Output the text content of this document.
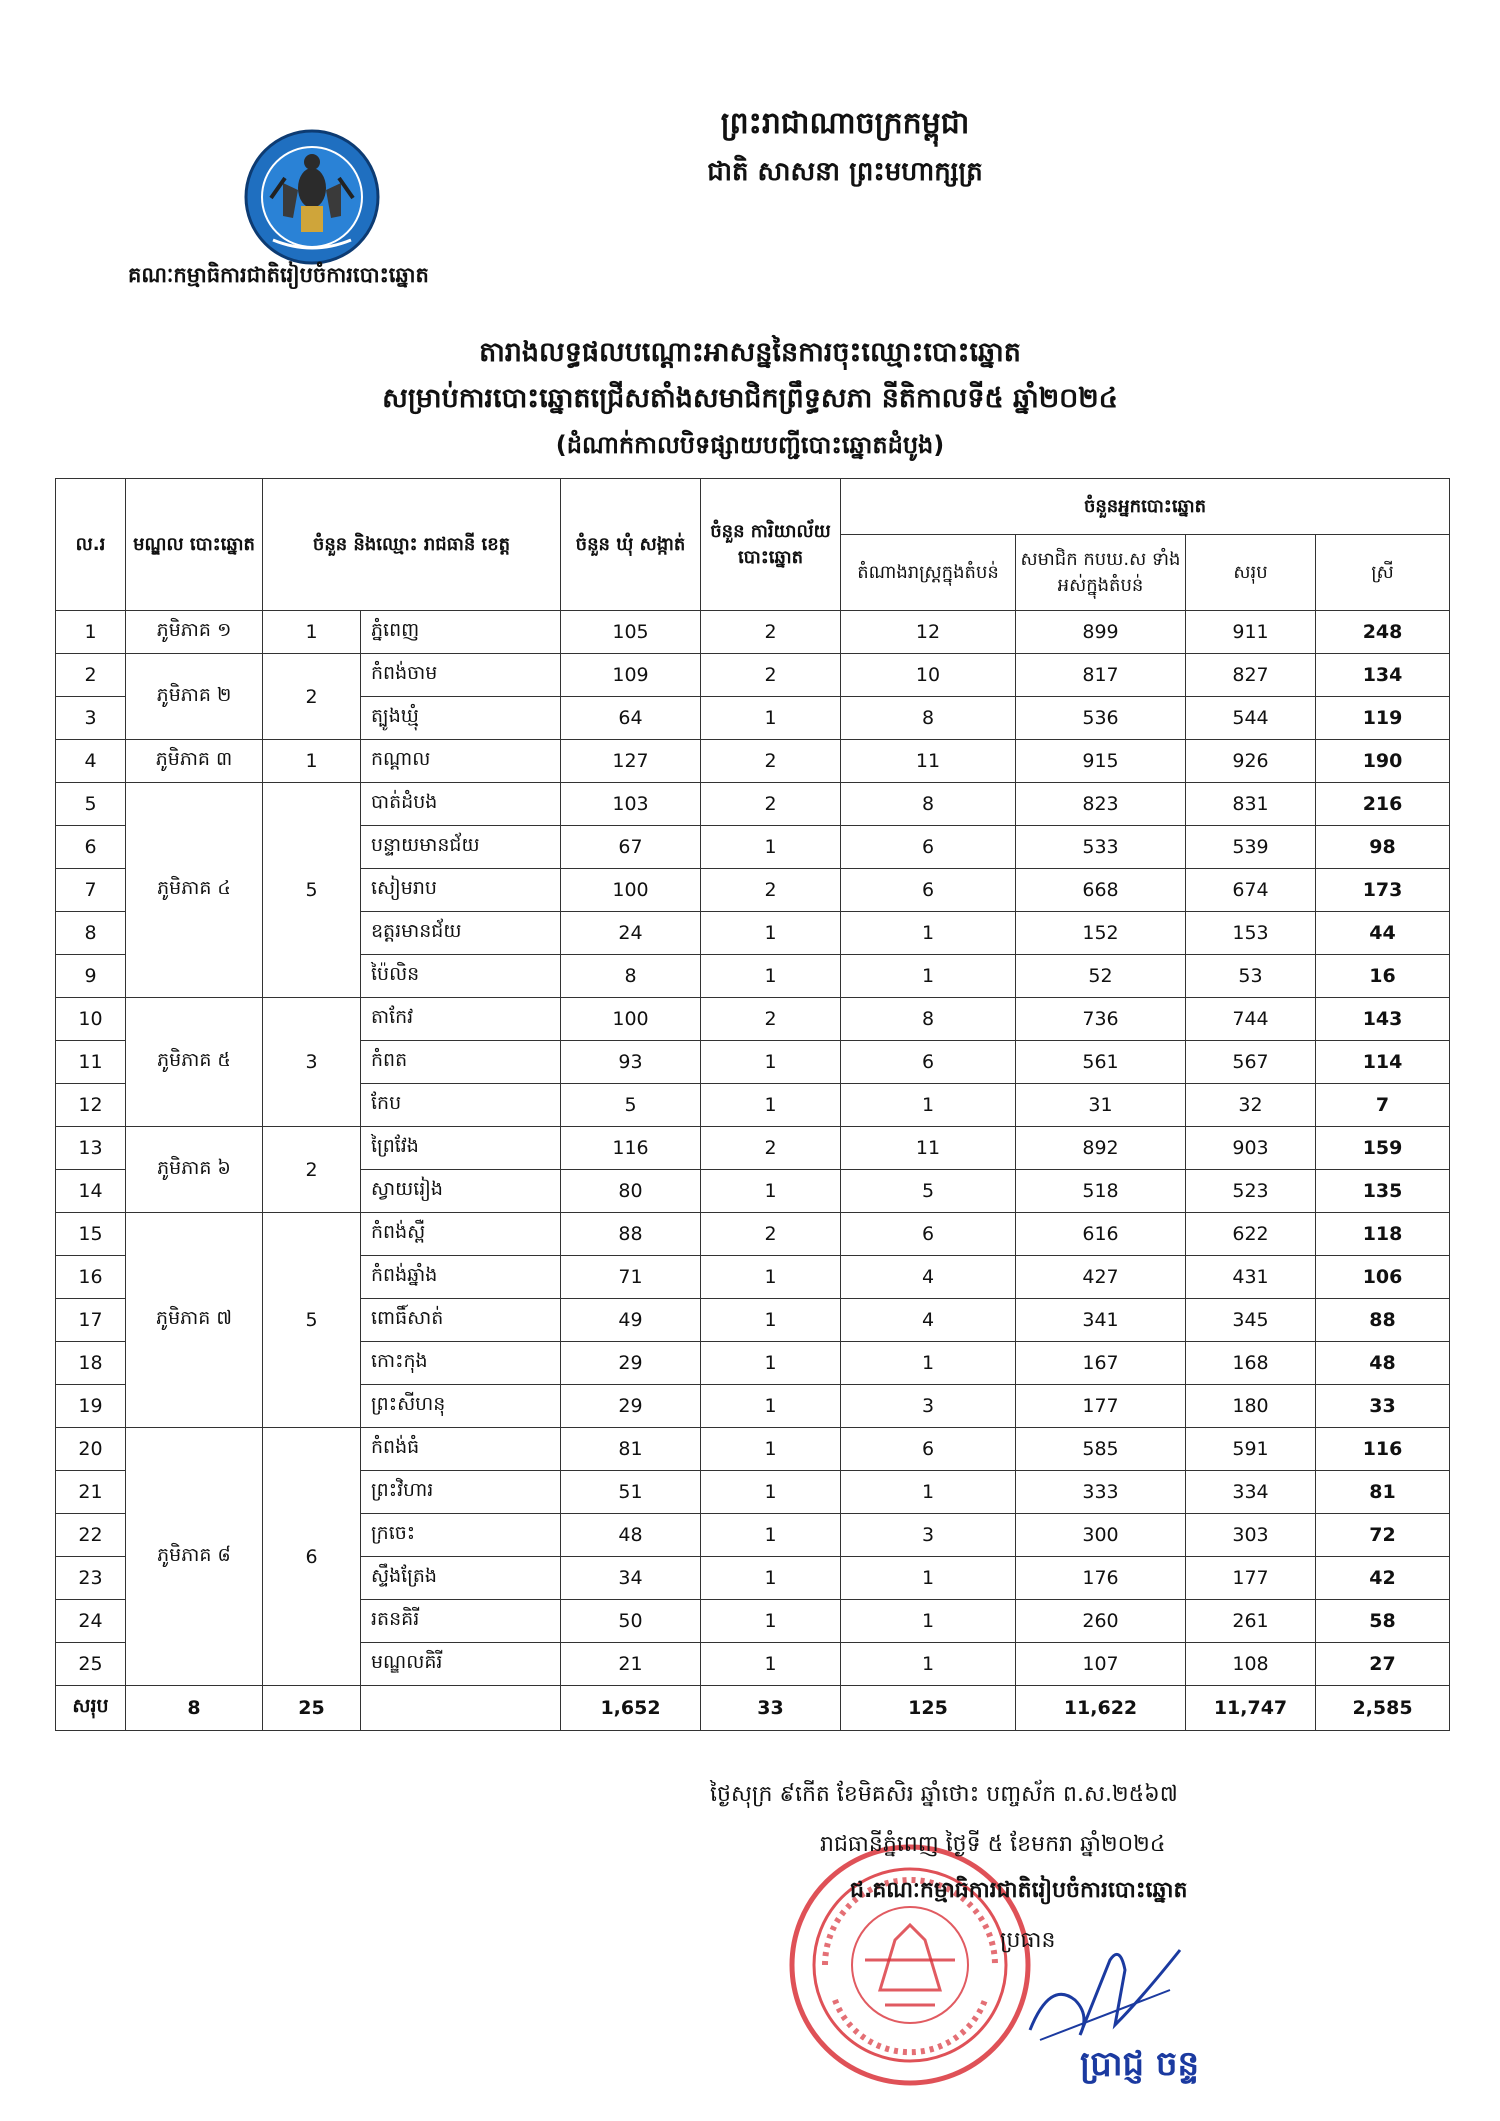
គណៈកម្មាធិការជាតិរៀបចំការបោះឆ្នោត
ព្រះរាជាណាចក្រកម្ពុជា
ជាតិ សាសនា ព្រះមហាក្សត្រ
តារាងលទ្ធផលបណ្តោះអាសន្ននៃការចុះឈ្មោះបោះឆ្នោត
សម្រាប់ការបោះឆ្នោតជ្រើសតាំងសមាជិកព្រឹទ្ធសភា នីតិកាលទី៥ ឆ្នាំ២០២៤
(ដំណាក់កាលបិទផ្សាយបញ្ជីបោះឆ្នោតដំបូង)
ល.រ	មណ្ឌល បោះឆ្នោត	ចំនួន និងឈ្មោះ រាជធានី ខេត្ត		ចំនួន ឃុំ សង្កាត់	ចំនួន ការិយាល័យ បោះឆ្នោត	ចំនួនអ្នកបោះឆ្នោត			
						តំណាងរាស្ត្រក្នុងតំបន់	សមាជិក កបឃ.ស ទាំងអស់ក្នុងតំបន់	សរុប	ស្រី
1	ភូមិភាគ ១	1	ភ្នំពេញ	105	2	12	899	911	248
2	ភូមិភាគ ២	2	កំពង់ចាម	109	2	10	817	827	134
3			ត្បូងឃ្មុំ	64	1	8	536	544	119
4	ភូមិភាគ ៣	1	កណ្តាល	127	2	11	915	926	190
5	ភូមិភាគ ៤	5	បាត់ដំបង	103	2	8	823	831	216
6			បន្ទាយមានជ័យ	67	1	6	533	539	98
7			សៀមរាប	100	2	6	668	674	173
8			ឧត្តរមានជ័យ	24	1	1	152	153	44
9			ប៉ៃលិន	8	1	1	52	53	16
10	ភូមិភាគ ៥	3	តាកែវ	100	2	8	736	744	143
11			កំពត	93	1	6	561	567	114
12			កែប	5	1	1	31	32	7
13	ភូមិភាគ ៦	2	ព្រៃវែង	116	2	11	892	903	159
14			ស្វាយរៀង	80	1	5	518	523	135
15	ភូមិភាគ ៧	5	កំពង់ស្ពឺ	88	2	6	616	622	118
16			កំពង់ឆ្នាំង	71	1	4	427	431	106
17			ពោធិ៍សាត់	49	1	4	341	345	88
18			កោះកុង	29	1	1	167	168	48
19			ព្រះសីហនុ	29	1	3	177	180	33
20	ភូមិភាគ ៨	6	កំពង់ធំ	81	1	6	585	591	116
21			ព្រះវិហារ	51	1	1	333	334	81
22			ក្រចេះ	48	1	3	300	303	72
23			ស្ទឹងត្រែង	34	1	1	176	177	42
24			រតនគិរី	50	1	1	260	261	58
25			មណ្ឌលគិរី	21	1	1	107	108	27
សរុប	8	25		1,652	33	125	11,622	11,747	2,585
ថ្ងៃសុក្រ ៩កើត ខែមិគសិរ ឆ្នាំថោះ បញ្ចស័ក ព.ស.២៥៦៧
រាជធានីភ្នំពេញ ថ្ងៃទី ៥ ខែមករា ឆ្នាំ២០២៤
ជ.គណៈកម្មាធិការជាតិរៀបចំការបោះឆ្នោត
ប្រធាន
ប្រាជ្ញ ចន្ទ
